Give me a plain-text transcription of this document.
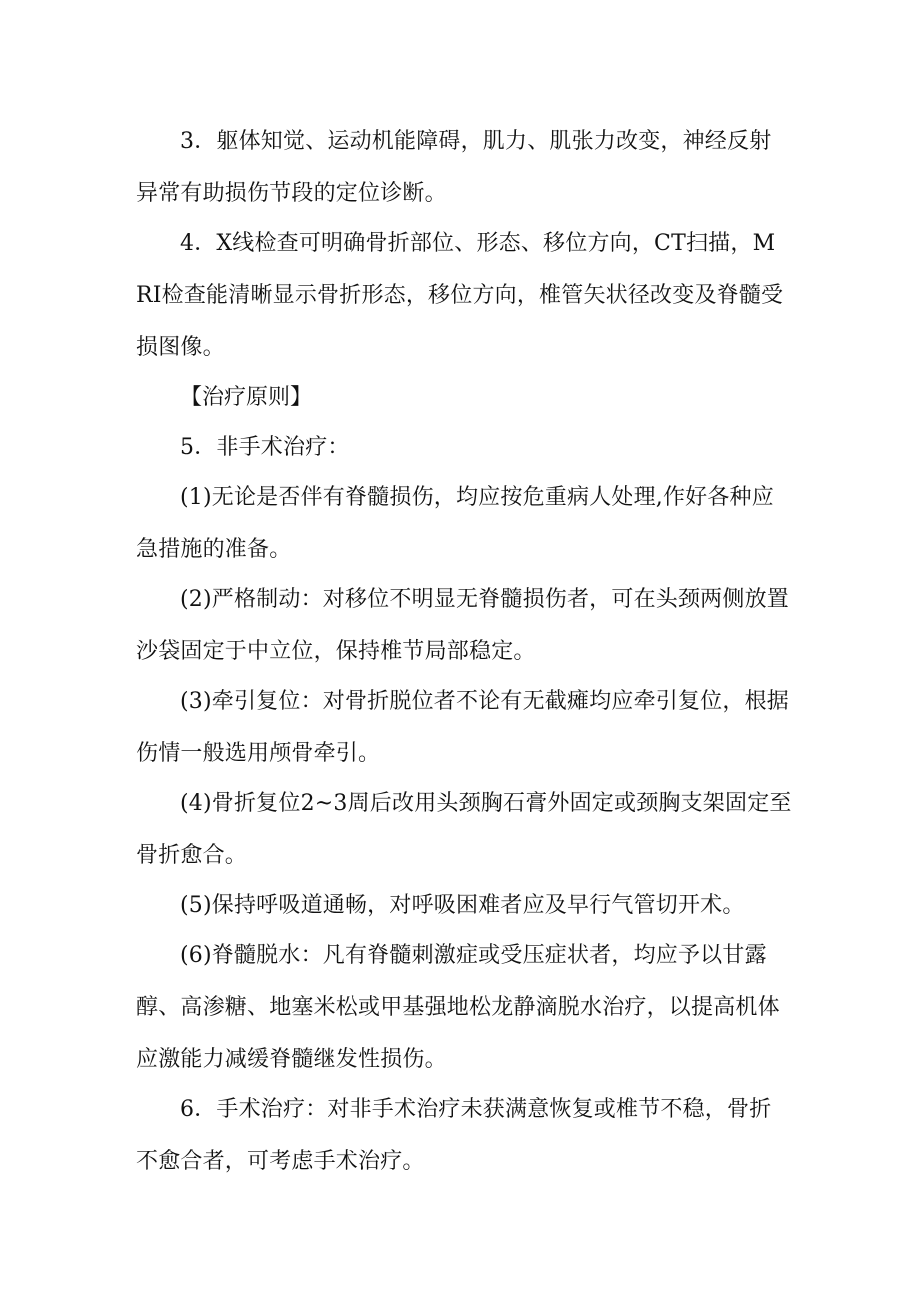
3．躯体知觉、运动机能障碍，肌力、肌张力改变，神经反射异常有助损伤节段的定位诊断。

4．X线检查可明确骨折部位、形态、移位方向，CT扫描，MRI检查能清晰显示骨折形态，移位方向，椎管矢状径改变及脊髓受损图像。

【治疗原则】

5．非手术治疗：

(1)无论是否伴有脊髓损伤，均应按危重病人处理,作好各种应急措施的准备。

(2)严格制动：对移位不明显无脊髓损伤者，可在头颈两侧放置沙袋固定于中立位，保持椎节局部稳定。

(3)牵引复位：对骨折脱位者不论有无截瘫均应牵引复位，根据伤情一般选用颅骨牵引。

(4)骨折复位2~3周后改用头颈胸石膏外固定或颈胸支架固定至骨折愈合。

(5)保持呼吸道通畅，对呼吸困难者应及早行气管切开术。

(6)脊髓脱水：凡有脊髓刺激症或受压症状者，均应予以甘露醇、高渗糖、地塞米松或甲基强地松龙静滴脱水治疗，以提高机体应激能力减缓脊髓继发性损伤。

6．手术治疗：对非手术治疗未获满意恢复或椎节不稳，骨折不愈合者，可考虑手术治疗。
